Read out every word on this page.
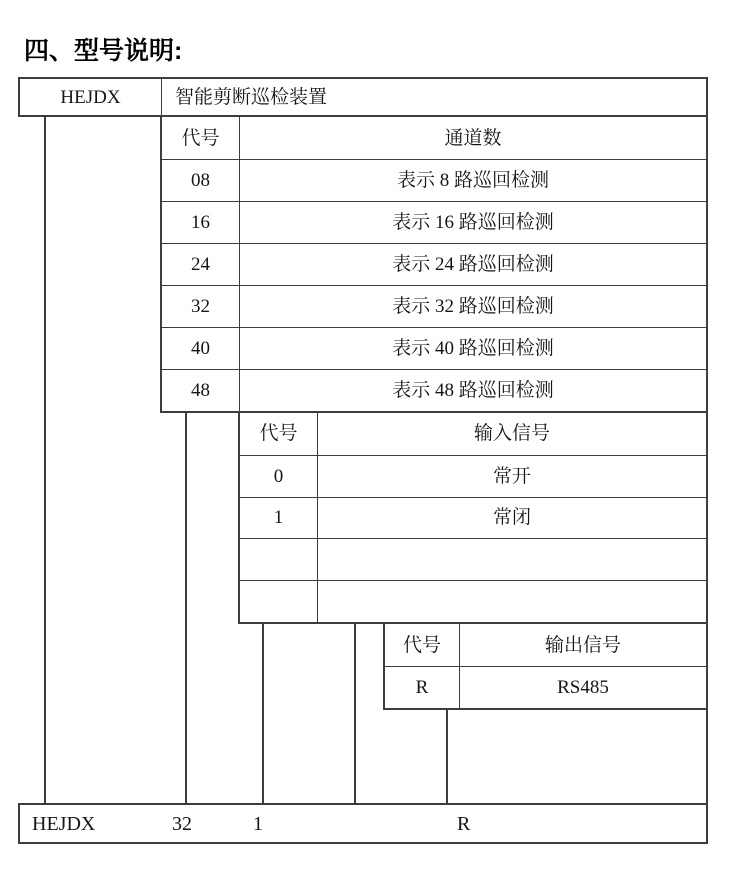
四、型号说明:
HEJDX	智能剪断巡检装置
代号	通道数
08	表示 8 路巡回检测
16	表示 16 路巡回检测
24	表示 24 路巡回检测
32	表示 32 路巡回检测
40	表示 40 路巡回检测
48	表示 48 路巡回检测
代号	输入信号
0	常开
1	常闭
代号	输出信号
R	RS485
HEJDX	32	1	R
